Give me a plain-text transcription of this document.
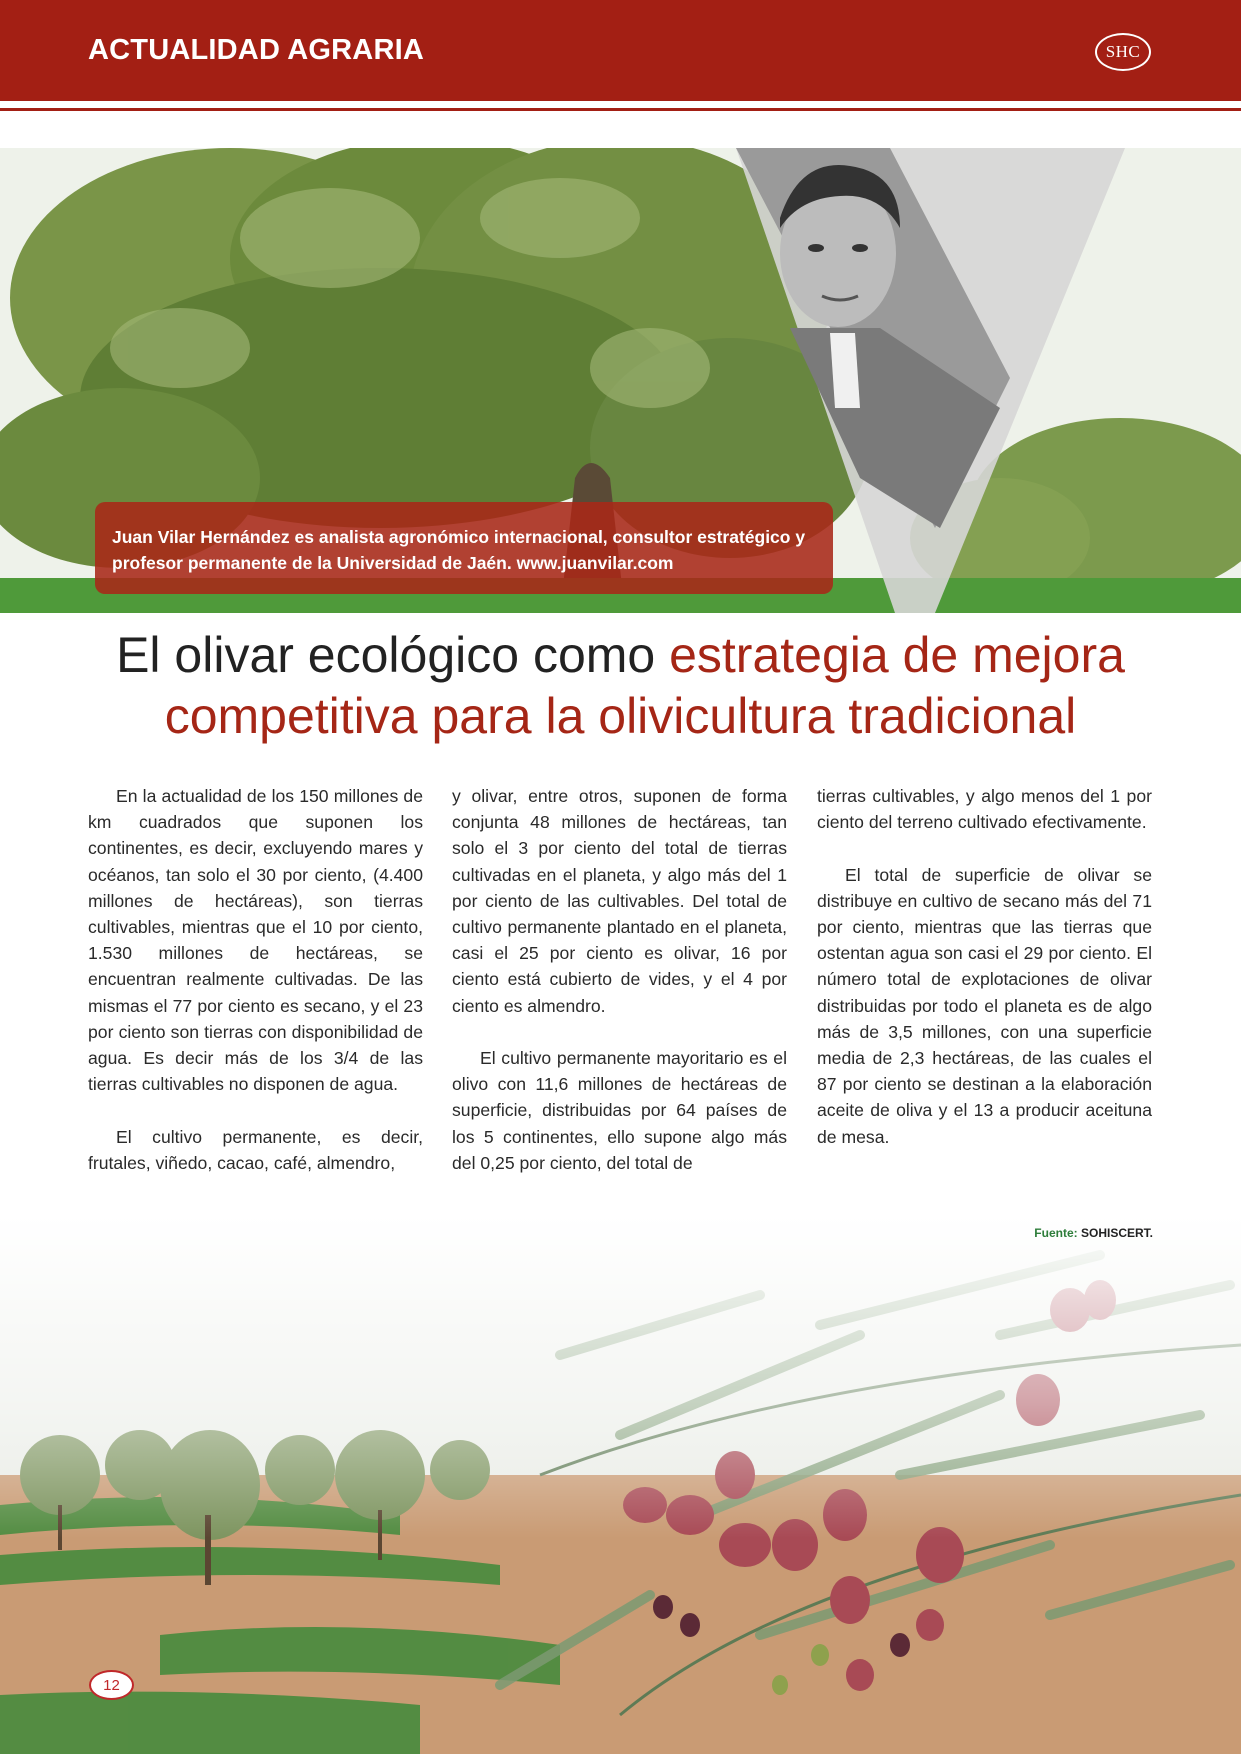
ACTUALIDAD AGRARIA	SHC
Juan Vilar Hernández es analista agronómico internacional, consultor estratégico y profesor permanente de la Universidad de Jaén. www.juanvilar.com
El olivar ecológico como estrategia de mejora competitiva para la olivicultura tradicional

En la actualidad de los 150 millones de km cuadrados que suponen los continentes, es decir, excluyendo mares y océanos, tan solo el 30 por ciento, (4.400 millones de hectáreas), son tierras cultivables, mientras que el 10 por ciento, 1.530 millones de hectáreas, se encuentran realmente cultivadas. De las mismas el 77 por ciento es secano, y el 23 por ciento son tierras con disponibilidad de agua. Es decir más de los 3/4 de las tierras cultivables no disponen de agua.

El cultivo permanente, es decir, frutales, viñedo, cacao, café, almendro,

y olivar, entre otros, suponen de forma conjunta 48 millones de hectáreas, tan solo el 3 por ciento del total de tierras cultivadas en el planeta, y algo más del 1 por ciento de las cultivables. Del total de cultivo permanente plantado en el planeta, casi el 25 por ciento es olivar, 16 por ciento está cubierto de vides, y el 4 por ciento es almendro.

El cultivo permanente mayoritario es el olivo con 11,6 millones de hectáreas de superficie, distribuidas por 64 países de los 5 continentes, ello supone algo más del 0,25 por ciento, del total de

tierras cultivables, y algo menos del 1 por ciento del terreno cultivado efectivamente.

El total de superficie de olivar se distribuye en cultivo de secano más del 71 por ciento, mientras que las tierras que ostentan agua son casi el 29 por ciento. El número total de explotaciones de olivar distribuidas por todo el planeta es de algo más de 3,5 millones, con una superficie media de 2,3 hectáreas, de las cuales el 87 por ciento se destinan a la elaboración aceite de oliva y el 13 a producir aceituna de mesa.

Fuente: SOHISCERT.
12
